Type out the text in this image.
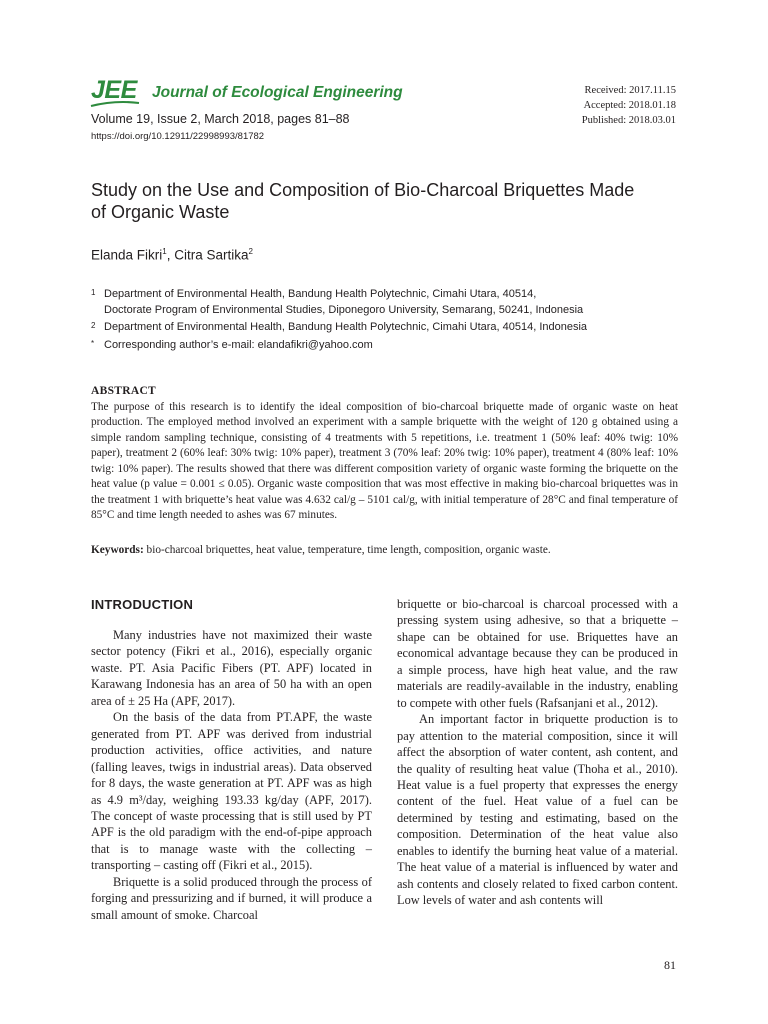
JEE Journal of Ecological Engineering
Volume 19, Issue 2, March 2018, pages 81–88
https://doi.org/10.12911/22998993/81782
Received: 2017.11.15
Accepted: 2018.01.18
Published: 2018.03.01
Study on the Use and Composition of Bio-Charcoal Briquettes Made of Organic Waste
Elanda Fikri$^1$, Citra Sartika$^2$
1 Department of Environmental Health, Bandung Health Polytechnic, Cimahi Utara, 40514,
Doctorate Program of Environmental Studies, Diponegoro University, Semarang, 50241, Indonesia
2 Department of Environmental Health, Bandung Health Polytechnic, Cimahi Utara, 40514, Indonesia
* Corresponding author’s e-mail: elandafikri@yahoo.com
ABSTRACT

The purpose of this research is to identify the ideal composition of bio-charcoal briquette made of organic waste on heat production. The employed method involved an experiment with a sample briquette with the weight of 120 g obtained using a simple random sampling technique, consisting of 4 treatments with 5 repetitions, i.e. treatment 1 (50% leaf: 40% twig: 10% paper), treatment 2 (60% leaf: 30% twig: 10% paper), treatment 3 (70% leaf: 20% twig: 10% paper), treatment 4 (80% leaf: 10% twig: 10% paper). The results showed that there was different composition variety of organic waste forming the briquette on the heat value (p value = 0.001 ≤ 0.05). Organic waste composition that was most effective in making bio-charcoal briquettes was in the treatment 1 with briquette’s heat value was 4.632 cal/g – 5101 cal/g, with initial temperature of 28°C and final temperature of 85°C and time length needed to ashes was 67 minutes.

Keywords: bio-charcoal briquettes, heat value, temperature, time length, composition, organic waste.
INTRODUCTION

Many industries have not maximized their waste sector potency (Fikri et al., 2016), especially organic waste. PT. Asia Pacific Fibers (PT. APF) located in Karawang Indonesia has an area of 50 ha with an open area of ± 25 Ha (APF, 2017).

On the basis of the data from PT.APF, the waste generated from PT. APF was derived from industrial production activities, office activities, and nature (falling leaves, twigs in industrial areas). Data observed for 8 days, the waste generation at PT. APF was as high as 4.9 m³/day, weighing 193.33 kg/day (APF, 2017). The concept of waste processing that is still used by PT APF is the old paradigm with the end-of-pipe approach that is to manage waste with the collecting – transporting – casting off (Fikri et al., 2015).

Briquette is a solid produced through the process of forging and pressurizing and if burned, it will produce a small amount of smoke. Charcoal

briquette or bio-charcoal is charcoal processed with a pressing system using adhesive, so that a briquette –shape can be obtained for use. Briquettes have an economical advantage because they can be produced in a simple process, have high heat value, and the raw materials are readily-available in the industry, enabling to compete with other fuels (Rafsanjani et al., 2012).

An important factor in briquette production is to pay attention to the material composition, since it will affect the absorption of water content, ash content, and the quality of resulting heat value (Thoha et al., 2010). Heat value is a fuel property that expresses the energy content of the fuel. Heat value of a fuel can be determined by testing and estimating, based on the composition. Determination of the heat value also enables to identify the burning heat value of a material. The heat value of a material is influenced by water and ash contents and closely related to fixed carbon content. Low levels of water and ash contents will

81
